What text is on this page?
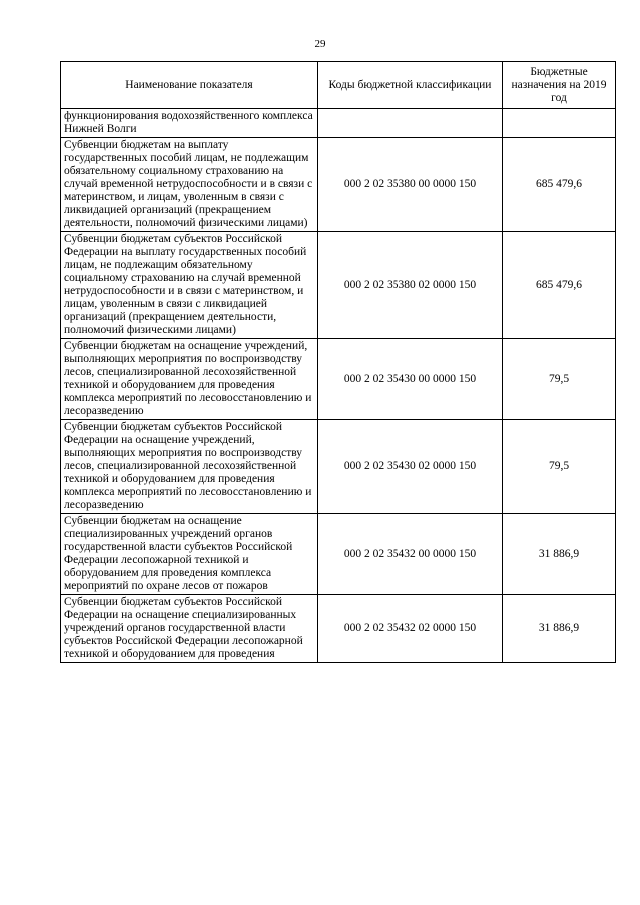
29
Наименование показателя	Коды бюджетной классификации	Бюджетные назначения на 2019 год
функционирования водохозяйственного комплекса Нижней Волги		
Субвенции бюджетам на выплату государственных пособий лицам, не подлежащим обязательному социальному страхованию на случай временной нетрудоспособности и в связи с материнством, и лицам, уволенным в связи с ликвидацией организаций (прекращением деятельности, полномочий физическими лицами)	000 2 02 35380 00 0000 150	685 479,6
Субвенции бюджетам субъектов Российской Федерации на выплату государственных пособий лицам, не подлежащим обязательному социальному страхованию на случай временной нетрудоспособности и в связи с материнством, и лицам, уволенным в связи с ликвидацией организаций (прекращением деятельности, полномочий физическими лицами)	000 2 02 35380 02 0000 150	685 479,6
Субвенции бюджетам на оснащение учреждений, выполняющих мероприятия по воспроизводству лесов, специализированной лесохозяйственной техникой и оборудованием для проведения комплекса мероприятий по лесовосстановлению и лесоразведению	000 2 02 35430 00 0000 150	79,5
Субвенции бюджетам субъектов Российской Федерации на оснащение учреждений, выполняющих мероприятия по воспроизводству лесов, специализированной лесохозяйственной техникой и оборудованием для проведения комплекса мероприятий по лесовосстановлению и лесоразведению	000 2 02 35430 02 0000 150	79,5
Субвенции бюджетам на оснащение специализированных учреждений органов государственной власти субъектов Российской Федерации лесопожарной техникой и оборудованием для проведения комплекса мероприятий по охране лесов от пожаров	000 2 02 35432 00 0000 150	31 886,9
Субвенции бюджетам субъектов Российской Федерации на оснащение специализированных учреждений органов государственной власти субъектов Российской Федерации лесопожарной техникой и оборудованием для проведения	000 2 02 35432 02 0000 150	31 886,9
